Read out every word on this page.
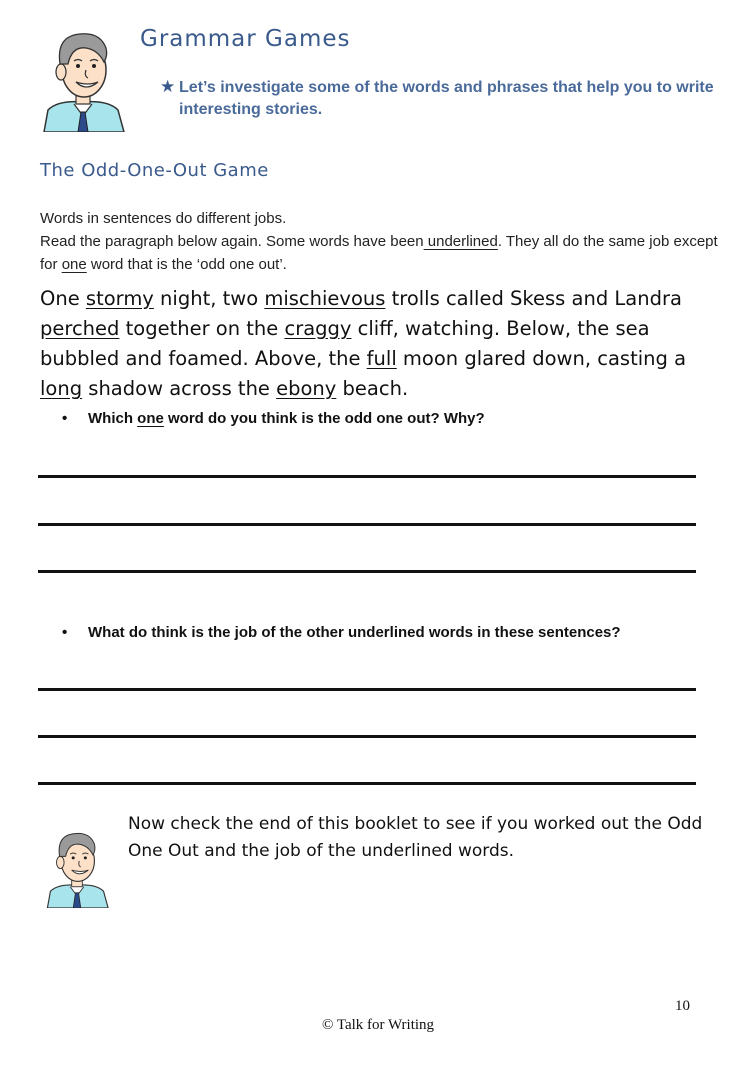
Grammar Games
★ Let’s investigate some of the words and phrases that help you to write interesting stories.
The Odd-One-Out Game
Words in sentences do different jobs.
Read the paragraph below again. Some words have been underlined. They all do the same job except for one word that is the ‘odd one out’.
One stormy night, two mischievous trolls called Skess and Landra perched together on the craggy cliff, watching. Below, the sea bubbled and foamed. Above, the full moon glared down, casting a long shadow across the ebony beach.
•	Which one word do you think is the odd one out? Why?
•	What do think is the job of the other underlined words in these sentences?
Now check the end of this booklet to see if you worked out the Odd One Out and the job of the underlined words.
10
© Talk for Writing
